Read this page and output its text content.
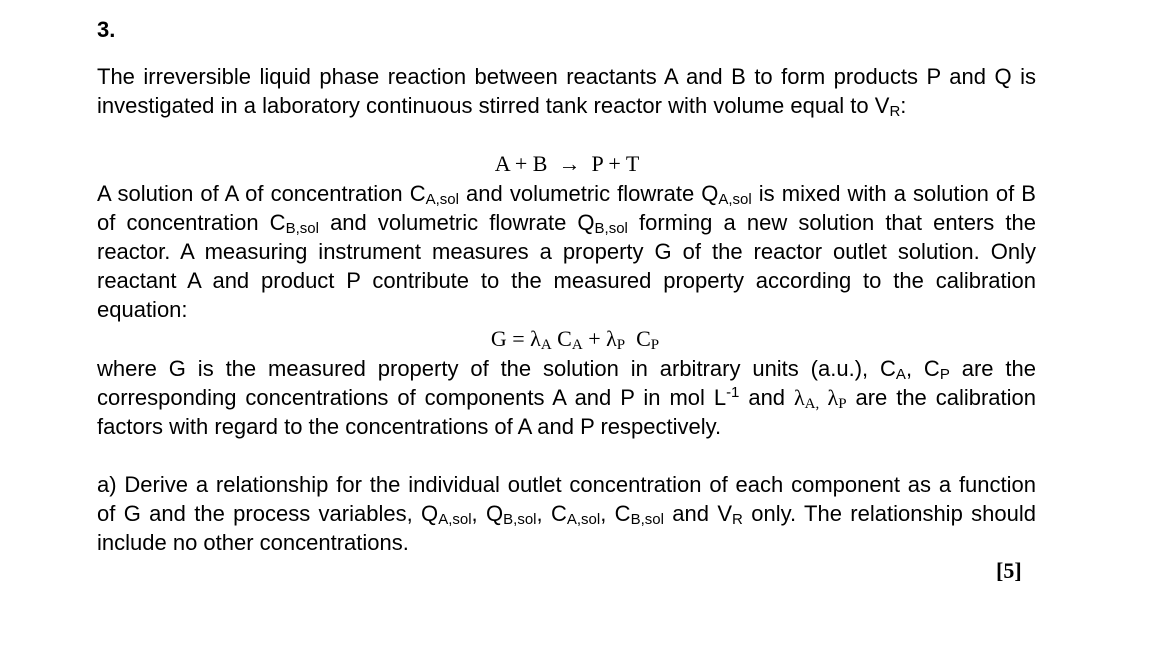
3.
The irreversible liquid phase reaction between reactants A and B to form products P and Q is investigated in a laboratory continuous stirred tank reactor with volume equal to $V_R$:
A + B  →  P + T
A solution of A of concentration $C_{A,sol}$ and volumetric flowrate $Q_{A,sol}$ is mixed with a solution of B of concentration $C_{B,sol}$ and volumetric flowrate $Q_{B,sol}$ forming a new solution that enters the reactor. A measuring instrument measures a property G of the reactor outlet solution. Only reactant A and product P contribute to the measured property according to the calibration equation:
$G = \lambda_A$ $C_A + \lambda_P$  $C_P$
where G is the measured property of the solution in arbitrary units (a.u.), $C_A$, $C_P$ are the corresponding concentrations of components A and P in mol $L^{-1}$ and $\lambda_{A,}$ $\lambda_P$ are the calibration factors with regard to the concentrations of A and P respectively.
a) Derive a relationship for the individual outlet concentration of each component as a function of G and the process variables, $Q_{A,sol}$, $Q_{B,sol}$, $C_{A,sol}$, $C_{B,sol}$ and $V_R$ only. The relationship should include no other concentrations.
[5]
